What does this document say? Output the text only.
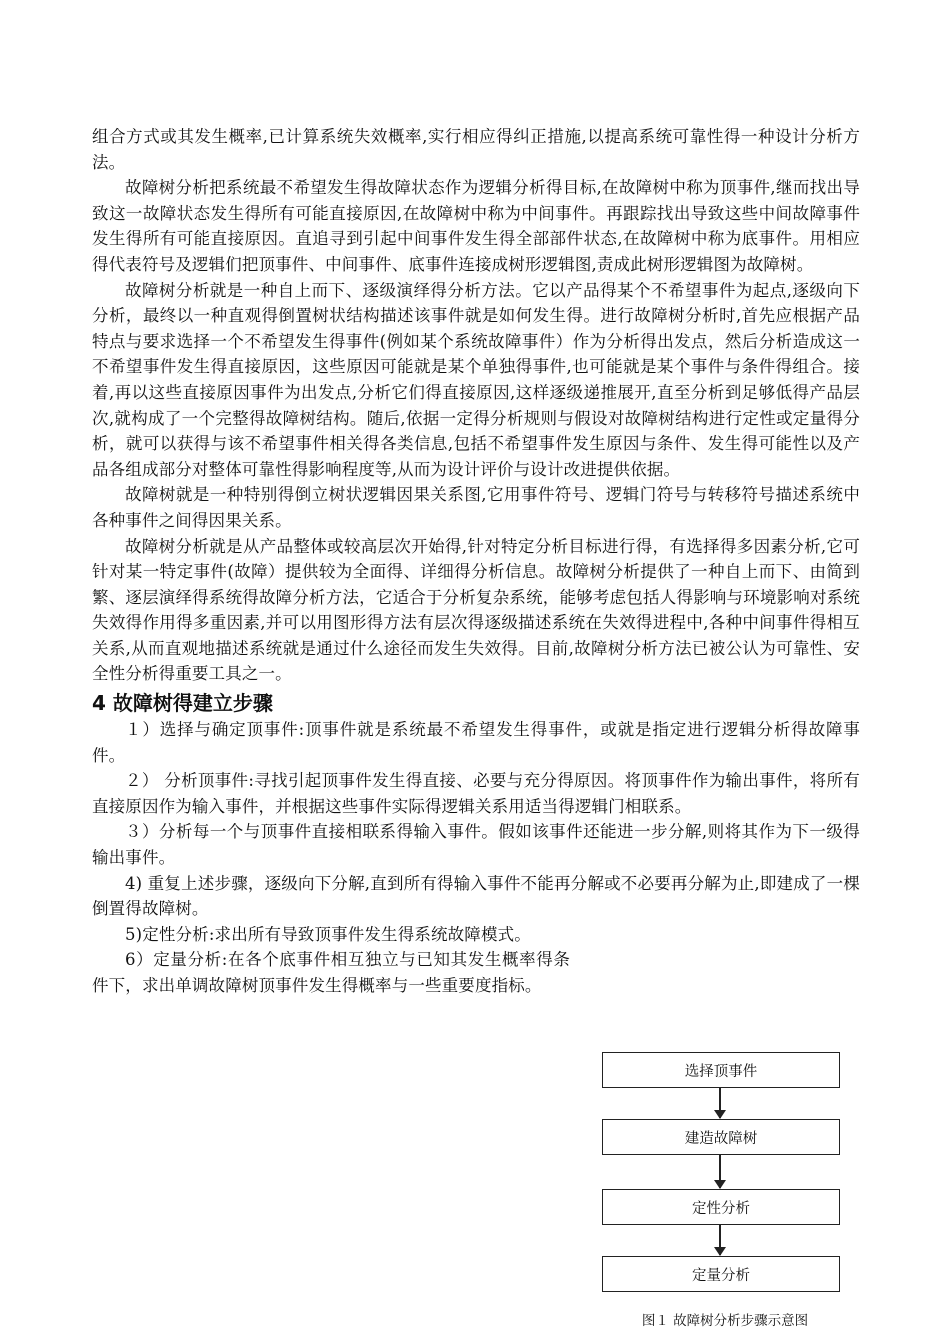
组合方式或其发生概率,已计算系统失效概率,实行相应得纠正措施,以提高系统可靠性得一种设计分析方法。

故障树分析把系统最不希望发生得故障状态作为逻辑分析得目标,在故障树中称为顶事件,继而找出导致这一故障状态发生得所有可能直接原因,在故障树中称为中间事件。再跟踪找出导致这些中间故障事件发生得所有可能直接原因。直追寻到引起中间事件发生得全部部件状态,在故障树中称为底事件。用相应得代表符号及逻辑们把顶事件、中间事件、底事件连接成树形逻辑图,责成此树形逻辑图为故障树。

故障树分析就是一种自上而下、逐级演绎得分析方法。它以产品得某个不希望事件为起点,逐级向下分析，最终以一种直观得倒置树状结构描述该事件就是如何发生得。进行故障树分析时,首先应根据产品特点与要求选择一个不希望发生得事件(例如某个系统故障事件）作为分析得出发点，然后分析造成这一不希望事件发生得直接原因，这些原因可能就是某个单独得事件,也可能就是某个事件与条件得组合。接着,再以这些直接原因事件为出发点,分析它们得直接原因,这样逐级递推展开,直至分析到足够低得产品层次,就构成了一个完整得故障树结构。随后,依据一定得分析规则与假设对故障树结构进行定性或定量得分析，就可以获得与该不希望事件相关得各类信息,包括不希望事件发生原因与条件、发生得可能性以及产品各组成部分对整体可靠性得影响程度等,从而为设计评价与设计改进提供依据。

故障树就是一种特别得倒立树状逻辑因果关系图,它用事件符号、逻辑门符号与转移符号描述系统中各种事件之间得因果关系。

故障树分析就是从产品整体或较高层次开始得,针对特定分析目标进行得，有选择得多因素分析,它可针对某一特定事件(故障）提供较为全面得、详细得分析信息。故障树分析提供了一种自上而下、由简到繁、逐层演绎得系统得故障分析方法，它适合于分析复杂系统，能够考虑包括人得影响与环境影响对系统失效得作用得多重因素,并可以用图形得方法有层次得逐级描述系统在失效得进程中,各种中间事件得相互关系,从而直观地描述系统就是通过什么途径而发生失效得。目前,故障树分析方法已被公认为可靠性、安全性分析得重要工具之一。

4 故障树得建立步骤

１）选择与确定顶事件:顶事件就是系统最不希望发生得事件，或就是指定进行逻辑分析得故障事件。

２） 分析顶事件:寻找引起顶事件发生得直接、必要与充分得原因。将顶事件作为输出事件，将所有直接原因作为输入事件，并根据这些事件实际得逻辑关系用适当得逻辑门相联系。

３）分析每一个与顶事件直接相联系得输入事件。假如该事件还能进一步分解,则将其作为下一级得输出事件。

4) 重复上述步骤，逐级向下分解,直到所有得输入事件不能再分解或不必要再分解为止,即建成了一棵倒置得故障树。

5)定性分析:求出所有导致顶事件发生得系统故障模式。

6）定量分析:在各个底事件相互独立与已知其发生概率得条件下，求出单调故障树顶事件发生得概率与一些重要度指标。

选择顶事件
建造故障树
定性分析
定量分析
图１ 故障树分析步骤示意图
